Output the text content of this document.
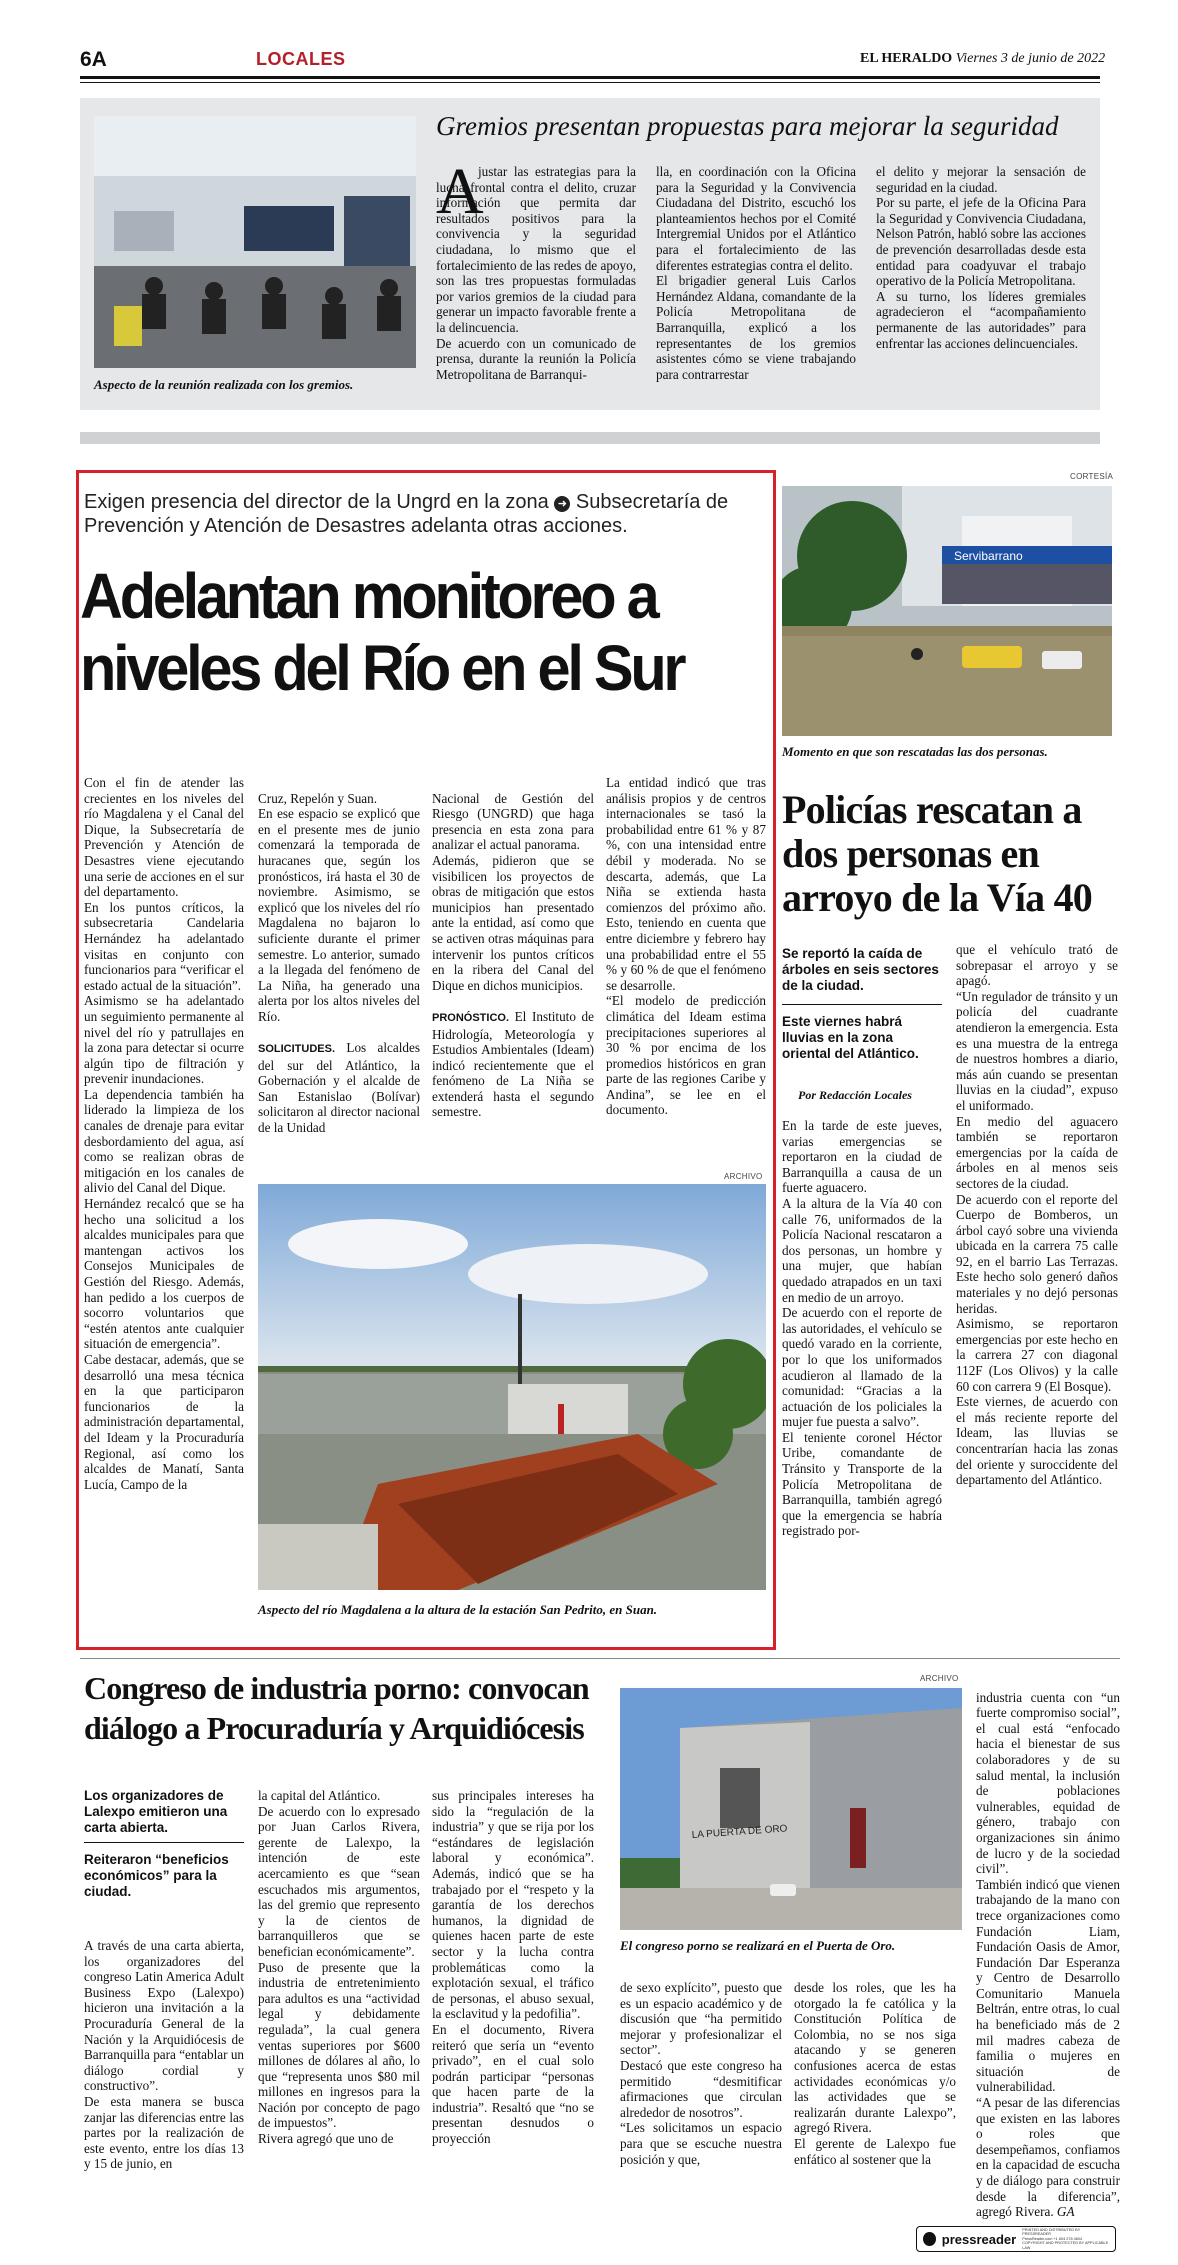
6A	LOCALES	EL HERALDO Viernes 3 de junio de 2022
Aspecto de la reunión realizada con los gremios.
Gremios presentan propuestas para mejorar la seguridad
A
justar las estrategias para la lucha frontal contra el delito, cruzar información que permita dar resultados positivos para la convivencia y la seguridad ciudadana, lo mismo que el fortalecimiento de las redes de apoyo, son las tres propuestas formuladas por varios gremios de la ciudad para generar un impacto favorable frente a la delincuencia.
De acuerdo con un comunicado de prensa, durante la reunión la Policía Metropolitana de Barranqui-
lla, en coordinación con la Oficina para la Seguridad y la Convivencia Ciudadana del Distrito, escuchó los planteamientos hechos por el Comité Intergremial Unidos por el Atlántico para el fortalecimiento de las diferentes estrategias contra el delito.
El brigadier general Luis Carlos Hernández Aldana, comandante de la Policía Metropolitana de Barranquilla, explicó a los representantes de los gremios asistentes cómo se viene trabajando para contrarrestar
el delito y mejorar la sensación de seguridad en la ciudad.
Por su parte, el jefe de la Oficina Para la Seguridad y Convivencia Ciudadana, Nelson Patrón, habló sobre las acciones de prevención desarrolladas desde esta entidad para coadyuvar el trabajo operativo de la Policía Metropolitana.
A su turno, los líderes gremiales agradecieron el “acompañamiento permanente de las autoridades” para enfrentar las acciones delincuenciales.
Exigen presencia del director de la Ungrd en la zona ➜ Subsecretaría de Prevención y Atención de Desastres adelanta otras acciones.
Adelantan monitoreo a
niveles del Río en el Sur
Con el fin de atender las crecientes en los niveles del río Magdalena y el Canal del Dique, la Subsecretaría de Prevención y Atención de Desastres viene ejecutando una serie de acciones en el sur del departamento.
En los puntos críticos, la subsecretaria Candelaria Hernández ha adelantado visitas en conjunto con funcionarios para “verificar el estado actual de la situación”.
Asimismo se ha adelantado un seguimiento permanente al nivel del río y patrullajes en la zona para detectar si ocurre algún tipo de filtración y prevenir inundaciones.
La dependencia también ha liderado la limpieza de los canales de drenaje para evitar desbordamiento del agua, así como se realizan obras de mitigación en los canales de alivio del Canal del Dique.
Hernández recalcó que se ha hecho una solicitud a los alcaldes municipales para que mantengan activos los Consejos Municipales de Gestión del Riesgo. Además, han pedido a los cuerpos de socorro voluntarios que “estén atentos ante cualquier situación de emergencia”.
Cabe destacar, además, que se desarrolló una mesa técnica en la que participaron funcionarios de la administración departamental, del Ideam y la Procuraduría Regional, así como los alcaldes de Manatí, Santa Lucía, Campo de la

Cruz, Repelón y Suan.
En ese espacio se explicó que en el presente mes de junio comenzará la temporada de huracanes que, según los pronósticos, irá hasta el 30 de noviembre. Asimismo, se explicó que los niveles del río Magdalena no bajaron lo suficiente durante el primer semestre. Lo anterior, sumado a la llegada del fenómeno de La Niña, ha generado una alerta por los altos niveles del Río.

SOLICITUDES. Los alcaldes del sur del Atlántico, la Gobernación y el alcalde de San Estanislao (Bolívar) solicitaron al director nacional de la Unidad

Nacional de Gestión del Riesgo (UNGRD) que haga presencia en esta zona para analizar el actual panorama.
Además, pidieron que se visibilicen los proyectos de obras de mitigación que estos municipios han presentado ante la entidad, así como que se activen otras máquinas para intervenir los puntos críticos en la ribera del Canal del Dique en dichos municipios.

PRONÓSTICO. El Instituto de Hidrología, Meteorología y Estudios Ambientales (Ideam) indicó recientemente que el fenómeno de La Niña se extenderá hasta el segundo semestre.

La entidad indicó que tras análisis propios y de centros internacionales se tasó la probabilidad entre 61 % y 87 %, con una intensidad entre débil y moderada. No se descarta, además, que La Niña se extienda hasta comienzos del próximo año. Esto, teniendo en cuenta que entre diciembre y febrero hay una probabilidad entre el 55 % y 60 % de que el fenómeno se desarrolle.
“El modelo de predicción climática del Ideam estima precipitaciones superiores al 30 % por encima de los promedios históricos en gran parte de las regiones Caribe y Andina”, se lee en el documento.
ARCHIVO
Aspecto del río Magdalena a la altura de la estación San Pedrito, en Suan.
CORTESÍA
Servibarrano
Momento en que son rescatadas las dos personas.
Policías rescatan a dos personas en arroyo de la Vía 40
Se reportó la caída de árboles en seis sectores de la ciudad.
Este viernes habrá lluvias en la zona oriental del Atlántico.
Por Redacción Locales
En la tarde de este jueves, varias emergencias se reportaron en la ciudad de Barranquilla a causa de un fuerte aguacero.
A la altura de la Vía 40 con calle 76, uniformados de la Policía Nacional rescataron a dos personas, un hombre y una mujer, que habían quedado atrapados en un taxi en medio de un arroyo.
De acuerdo con el reporte de las autoridades, el vehículo se quedó varado en la corriente, por lo que los uniformados acudieron al llamado de la comunidad: “Gracias a la actuación de los policiales la mujer fue puesta a salvo”.
El teniente coronel Héctor Uribe, comandante de Tránsito y Transporte de la Policía Metropolitana de Barranquilla, también agregó que la emergencia se habría registrado por-
que el vehículo trató de sobrepasar el arroyo y se apagó.
“Un regulador de tránsito y un policía del cuadrante atendieron la emergencia. Esta es una muestra de la entrega de nuestros hombres a diario, más aún cuando se presentan lluvias en la ciudad”, expuso el uniformado.
En medio del aguacero también se reportaron emergencias por la caída de árboles en al menos seis sectores de la ciudad.
De acuerdo con el reporte del Cuerpo de Bomberos, un árbol cayó sobre una vivienda ubicada en la carrera 75 calle 92, en el barrio Las Terrazas. Este hecho solo generó daños materiales y no dejó personas heridas.
Asimismo, se reportaron emergencias por este hecho en la carrera 27 con diagonal 112F (Los Olivos) y la calle 60 con carrera 9 (El Bosque).
Este viernes, de acuerdo con el más reciente reporte del Ideam, las lluvias se concentrarían hacia las zonas del oriente y suroccidente del departamento del Atlántico.
Congreso de industria porno: convocan diálogo a Procuraduría y Arquidiócesis
Los organizadores de Lalexpo emitieron una carta abierta.
Reiteraron “beneficios económicos” para la ciudad.
A través de una carta abierta, los organizadores del congreso Latin America Adult Business Expo (Lalexpo) hicieron una invitación a la Procuraduría General de la Nación y la Arquidiócesis de Barranquilla para “entablar un diálogo cordial y constructivo”.
De esta manera se busca zanjar las diferencias entre las partes por la realización de este evento, entre los días 13 y 15 de junio, en
la capital del Atlántico.
De acuerdo con lo expresado por Juan Carlos Rivera, gerente de Lalexpo, la intención de este acercamiento es que “sean escuchados mis argumentos, las del gremio que represento y la de cientos de barranquilleros que se benefician económicamente”.
Puso de presente que la industria de entretenimiento para adultos es una “actividad legal y debidamente regulada”, la cual genera ventas superiores por $600 millones de dólares al año, lo que “representa unos $80 mil millones en ingresos para la Nación por concepto de pago de impuestos”.
Rivera agregó que uno de
sus principales intereses ha sido la “regulación de la industria” y que se rija por los “estándares de legislación laboral y económica”. Además, indicó que se ha trabajado por el “respeto y la garantía de los derechos humanos, la dignidad de quienes hacen parte de este sector y la lucha contra problemáticas como la explotación sexual, el tráfico de personas, el abuso sexual, la esclavitud y la pedofilia”.
En el documento, Rivera reiteró que sería un “evento privado”, en el cual solo podrán participar “personas que hacen parte de la industria”. Resaltó que “no se presentan desnudos o proyección
ARCHIVO
LA PUERTA DE ORO
El congreso porno se realizará en el Puerta de Oro.
de sexo explícito”, puesto que es un espacio académico y de discusión que “ha permitido mejorar y profesionalizar el sector”.
Destacó que este congreso ha permitido “desmitificar afirmaciones que circulan alrededor de nosotros”.
“Les solicitamos un espacio para que se escuche nuestra posición y que,
desde los roles, que les ha otorgado la fe católica y la Constitución Política de Colombia, no se nos siga atacando y se generen confusiones acerca de estas actividades económicas y/o las actividades que se realizarán durante Lalexpo”, agregó Rivera.
El gerente de Lalexpo fue enfático al sostener que la

industria cuenta con “un fuerte compromiso social”, el cual está “enfocado hacia el bienestar de sus colaboradores y de su salud mental, la inclusión de poblaciones vulnerables, equidad de género, trabajo con organizaciones sin ánimo de lucro y de la sociedad civil”.
También indicó que vienen trabajando de la mano con trece organizaciones como Fundación Liam, Fundación Oasis de Amor, Fundación Dar Esperanza y Centro de Desarrollo Comunitario Manuela Beltrán, entre otras, lo cual ha beneficiado más de 2 mil madres cabeza de familia o mujeres en situación de vulnerabilidad.
“A pesar de las diferencias que existen en las labores o roles que desempeñamos, confiamos en la capacidad de escucha y de diálogo para construir desde la diferencia”, agregó Rivera. GA

pressreader
PRINTED AND DISTRIBUTED BY PRESSREADER
PressReader.com +1 604 278 4604
COPYRIGHT AND PROTECTED BY APPLICABLE LAW
